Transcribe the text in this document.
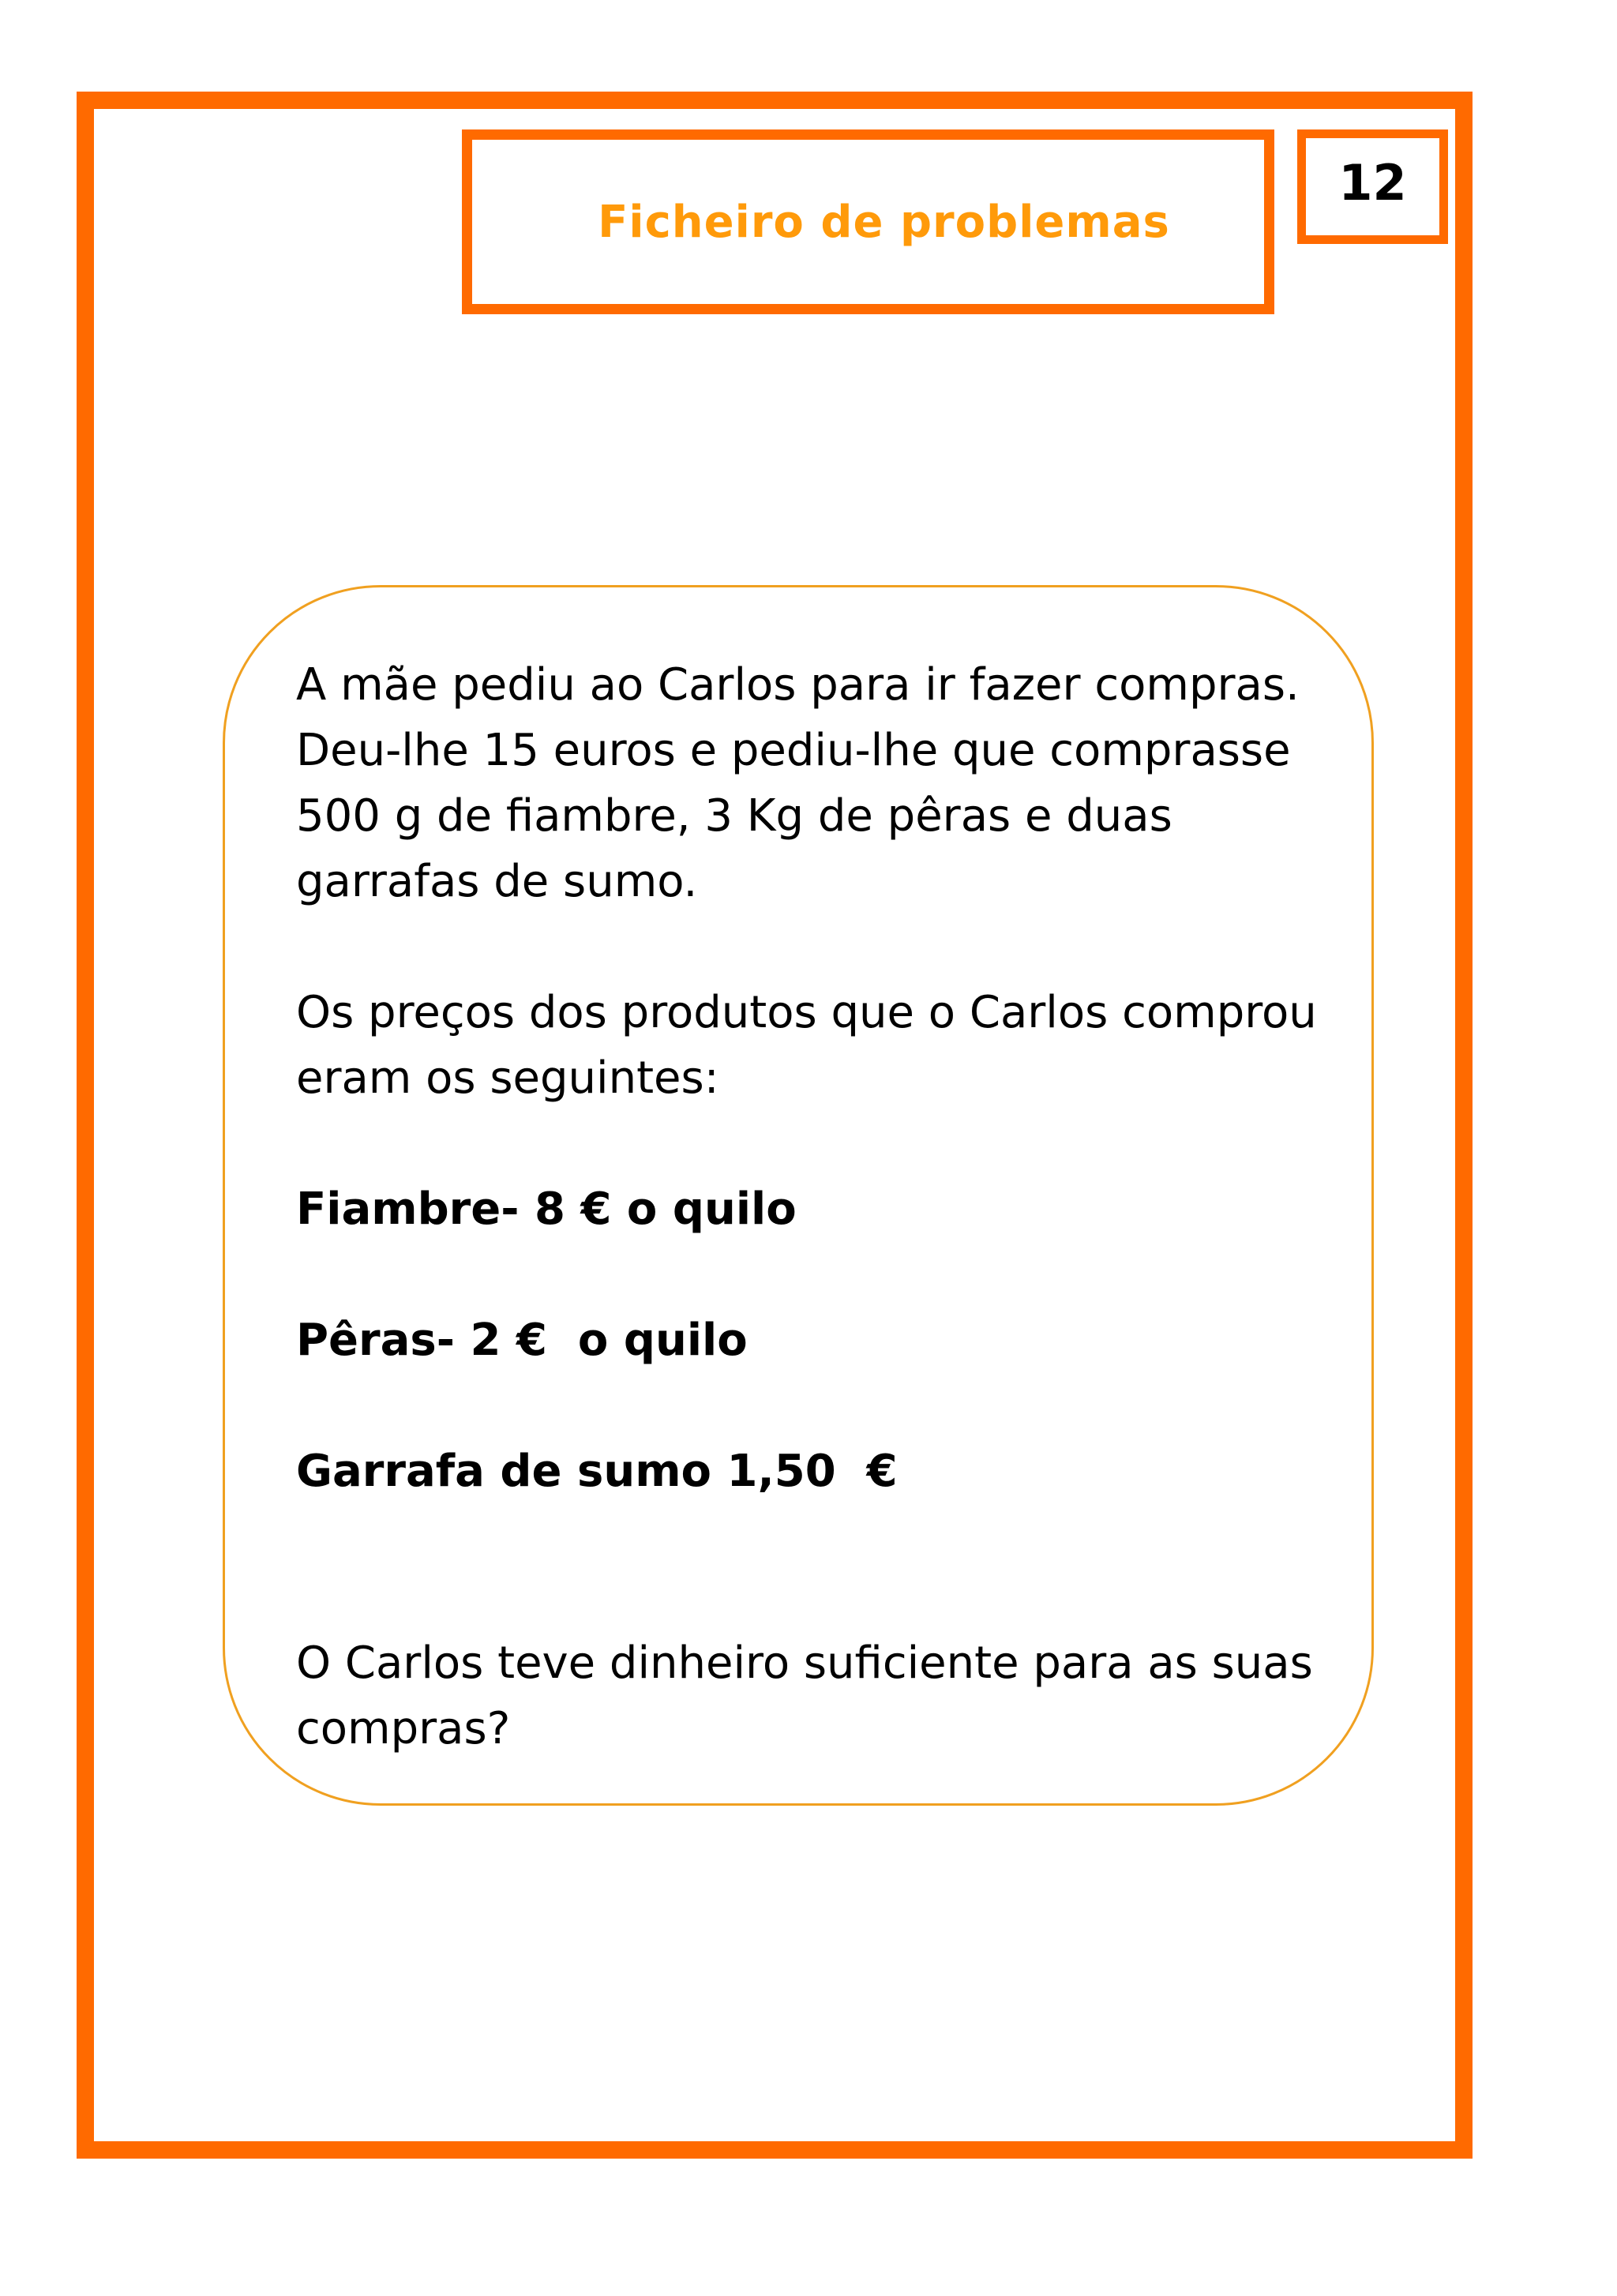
Ficheiro de problemas
12

A mãe pediu ao Carlos para ir fazer compras.

Deu-lhe 15 euros e pediu-lhe que comprasse

500 g de fiambre, 3 Kg de pêras e duas

garrafas de sumo.

Os preços dos produtos que o Carlos comprou

eram os seguintes:

Fiambre- 8 € o quilo

Pêras- 2 €  o quilo

Garrafa de sumo 1,50  €

O Carlos teve dinheiro suficiente para as suas

compras?
